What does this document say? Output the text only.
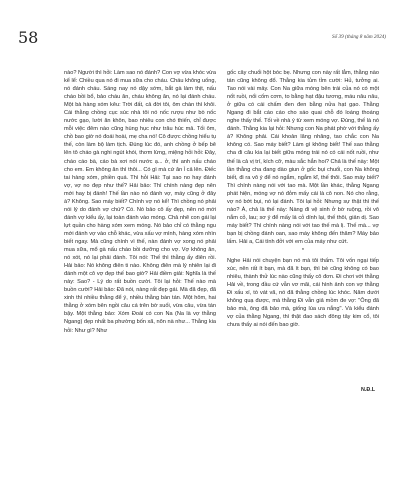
58	Số 39 (tháng 8 năm 2024)

nào? Người thì hỏi: Làm sao nó đánh? Con vợ vừa khóc vừa kể lể: Chiều qua nó đi mua sữa cho cháu. Cháu không uống, nó đánh cháu. Sáng nay nó dậy sớm, bắt gà làm thịt, nấu cháo bồi bổ, bảo cháu ăn, cháu không ăn, nó lại đánh cháu. Một bà hàng xóm kêu: Trời đất, cả đời tôi, ôm chàn thì khôi. Cái thằng chồng cục súc nhà tôi nó nốc rượu như bò nốc nước gạo, lười ăn khôn, bao nhiêu con chó thiến, chỉ được mỗi việc đêm nào cũng hùng hục như trâu húc mả. Tối ôm, chồ bao giờ nó đoái hoài, mẹ cha nó! Cô được chồng hiểu tụ thế, còn làm bộ làm tịch. Đúng lúc đó, anh chồng ở bếp bê lên tô cháo gà nghi ngút khói, thơm lừng, miệng hỏi hỏi: Đây, cháo cáo bà, cáo bà xơi nói nước ạ... ở, thì anh nấu cháo cho em. Em không ăn thì thôi... Có gì mà cứ ăn ỉ cả lên. Điếc tai hàng xóm, phiền quá. Thì hỏi Hải: Tại sao no hay đánh vợ, vợ no đẹp như thế? Hải bảo: Thì chính nàng đẹp nên mới hay bị đánh! Thế lần nào nó đánh vợ, máy cũng ở đây à? Không. Sao máy biết? Chính vợ nó kể! Thì chồng nó phải nói lý do đánh vợ chứ? Có. Nó bảo cô ấy đẹp, nên nó mới đánh vợ kiểu ấy, lại toàn đánh vào móng. Chả nhẽ con gái lại lựt quần cho hàng xóm xem móng. Nó bảo chỉ có thằng ngu mới đánh vợ vào chỗ khác, vừa xấu vợ mình, hàng xóm nhìn biết ngay. Mà cũng chính vì thế, nàn đánh vợ xong nó phải mua sữa, mổ gà nấu cháo bồi dưỡng cho vợ. Vợ không ăn, nó xót, nó lại phải đánh. Tôi nói: Thế thì thằng ấy điên rồi. Hải bảo: Nó không điên ti nào. Không điên mà lý nhiên lại đi đánh một cô vợ đẹp thế bao giờ? Hải điềm giải: Nghĩa là thế này: Sao? - Lý do rất buồn cười. Tôi lại hỏi: Thế nào mà buồn cười? Hải bảo: Đã nói, nàng rất đẹp gái. Mà đã đẹp, đã xinh thì nhiều thằng để ý, nhiều thằng bàn tán. Một hôm, hai thằng ở xóm bên ngồi câu cá trên bờ suối, vừa câu, vừa tán bậy. Một thằng bảo: Xóm Đoài có con Na (Na là vợ thằng Ngang) đẹp nhất ba phường bốn xã, nõn nà như... Thằng kia hỏi: Như gì? Như

gốc cây chuối hột bóc bẹ. Nhưng con này rất lẳm, thằng nào tán cũng không đổ. Thằng kia tủm tỉm cười: Hủ, tưởng ai. Tao nói vài mảy. Con Na giữa móng bên trái của nó có một nốt ruồi, nối cốm cơm, to bằng hạt đậu tương, máu nâu nâu, ở giữa có cái chấm đen đen bằng nửa hạt gạo. Thằng Ngang đi bắt cáo cáo cho sáo quai chỗ đó loáng thoáng nghe thấy thế. Tối về nhà ý từ xem móng vợ. Đúng, thế là nó đánh. Thằng kia lại hỏi: Nhưng con Na phát phờ với thằng ấy à? Không phải. Cái khoản lăng nhăng, tao chắc con Na không có. Sao máy biết? Làm gì không biết! Thế sao thằng cha đi câu kia lại biết giữa móng trái nó có cái nốt ruồi, như thế là cả vị trí, kích cỡ, màu sắc hẳn hoi? Chả là thế này: Một lần thằng cha đang dào giun ở gốc bụi chuối, con Na không biết, đi ra vô ý để nó ngắm, ngắm kĩ, thế thôi. Sao máy biết? Thì chính nàng nói với tao mà. Một lần khác, thằng Ngang phát hiện, móng vợ nó đỏm mấy cái là cô non. Nó cho rằng, vợ nó bớt bụi, nó lại đánh. Tôi lại hỏi: Nhưng sự thật thì thế nào? À, chả là thế này: Nàng đi vệ sinh ở bờ ruộng, rồi vô nắm cỏ, lau; sơ ý để mấy lá cỏ dính lại, thế thôi, giản dị. Sao máy biết? Thì chính nàng nói với tao thế mà lị. Thế mà... vợ bạn bị chồng đánh oan, sao máy không đến thăm? Máy bảo lấm. Hải a, Cái tính đởi với em của máy như cứt.

*

Nghe Hải nói chuyện bạn nó mà tôi thấm. Tôi vốn ngại tiếp xúc, nên rất ít bạn, mà đã ít bạn, thì bè cũng không có bao nhiêu, thành thử lúc nào cũng thấy cô đơn. Đi chơi với thằng Hải về, trong đầu cứ vẫn vơ mãi, cái hình ảnh con vợ thằng Đi xấu xí, tò vát vã, nó đã thằng chồng lúc khóc. Năm dưới không quạ được, mà thằng Đi vẫn giả mồm đe vợ: "Ông đã bảo mà, ông đã bảo mà, giống lúa ưa nắng". Và kiểu đánh vợ của thằng Ngang, thì thật đao sách đông tây kim cổ, tôi chưa thấy ai nói đến bao giờ.

N.Đ.L
